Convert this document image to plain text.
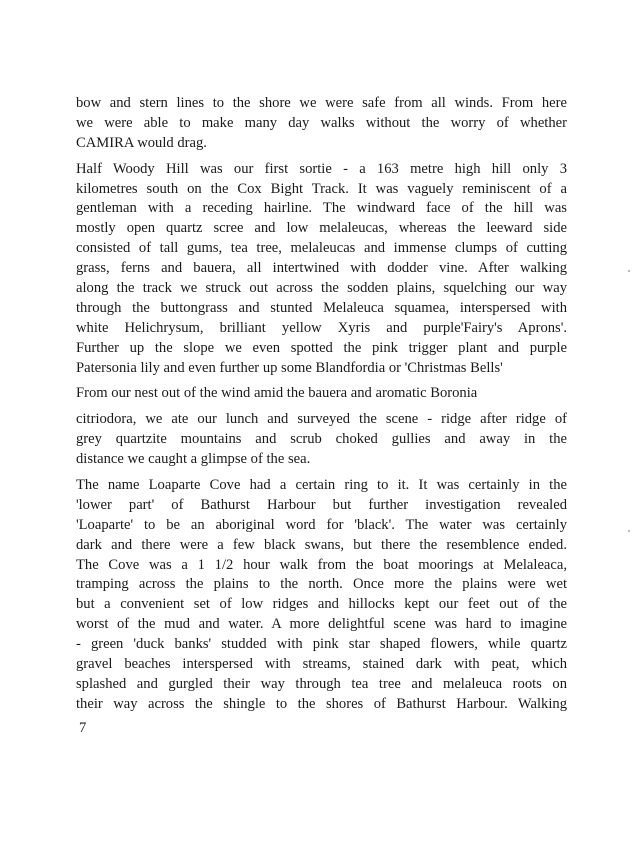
bow and stern lines to the shore we were safe from all winds. From here
we were able to make many day walks without the worry of whether
CAMIRA would drag.
Half Woody Hill was our first sortie - a 163 metre high hill only 3
kilometres south on the Cox Bight Track. It was vaguely reminiscent of a
gentleman with a receding hairline. The windward face of the hill was
mostly open quartz scree and low melaleucas, whereas the leeward side
consisted of tall gums, tea tree, melaleucas and immense clumps of cutting
grass, ferns and bauera, all intertwined with dodder vine. After walking
along the track we struck out across the sodden plains, squelching our way
through the buttongrass and stunted Melaleuca squamea, interspersed with
white Helichrysum, brilliant yellow Xyris and purple'Fairy's Aprons'.
Further up the slope we even spotted the pink trigger plant and purple
Patersonia lily and even further up some Blandfordia or 'Christmas Bells'
From our nest out of the wind amid the bauera and aromatic Boronia
citriodora, we ate our lunch and surveyed the scene - ridge after ridge of
grey quartzite mountains and scrub choked gullies and away in the
distance we caught a glimpse of the sea.
The name Loaparte Cove had a certain ring to it. It was certainly in the
'lower part' of Bathurst Harbour but further investigation revealed
'Loaparte' to be an aboriginal word for 'black'. The water was certainly
dark and there were a few black swans, but there the resemblence ended.
The Cove was a 1 1/2 hour walk from the boat moorings at Melaleaca,
tramping across the plains to the north. Once more the plains were wet
but a convenient set of low ridges and hillocks kept our feet out of the
worst of the mud and water. A more delightful scene was hard to imagine
- green 'duck banks' studded with pink star shaped flowers, while quartz
gravel beaches interspersed with streams, stained dark with peat, which
splashed and gurgled their way through tea tree and melaleuca roots on
their way across the shingle to the shores of Bathurst Harbour. Walking
7
